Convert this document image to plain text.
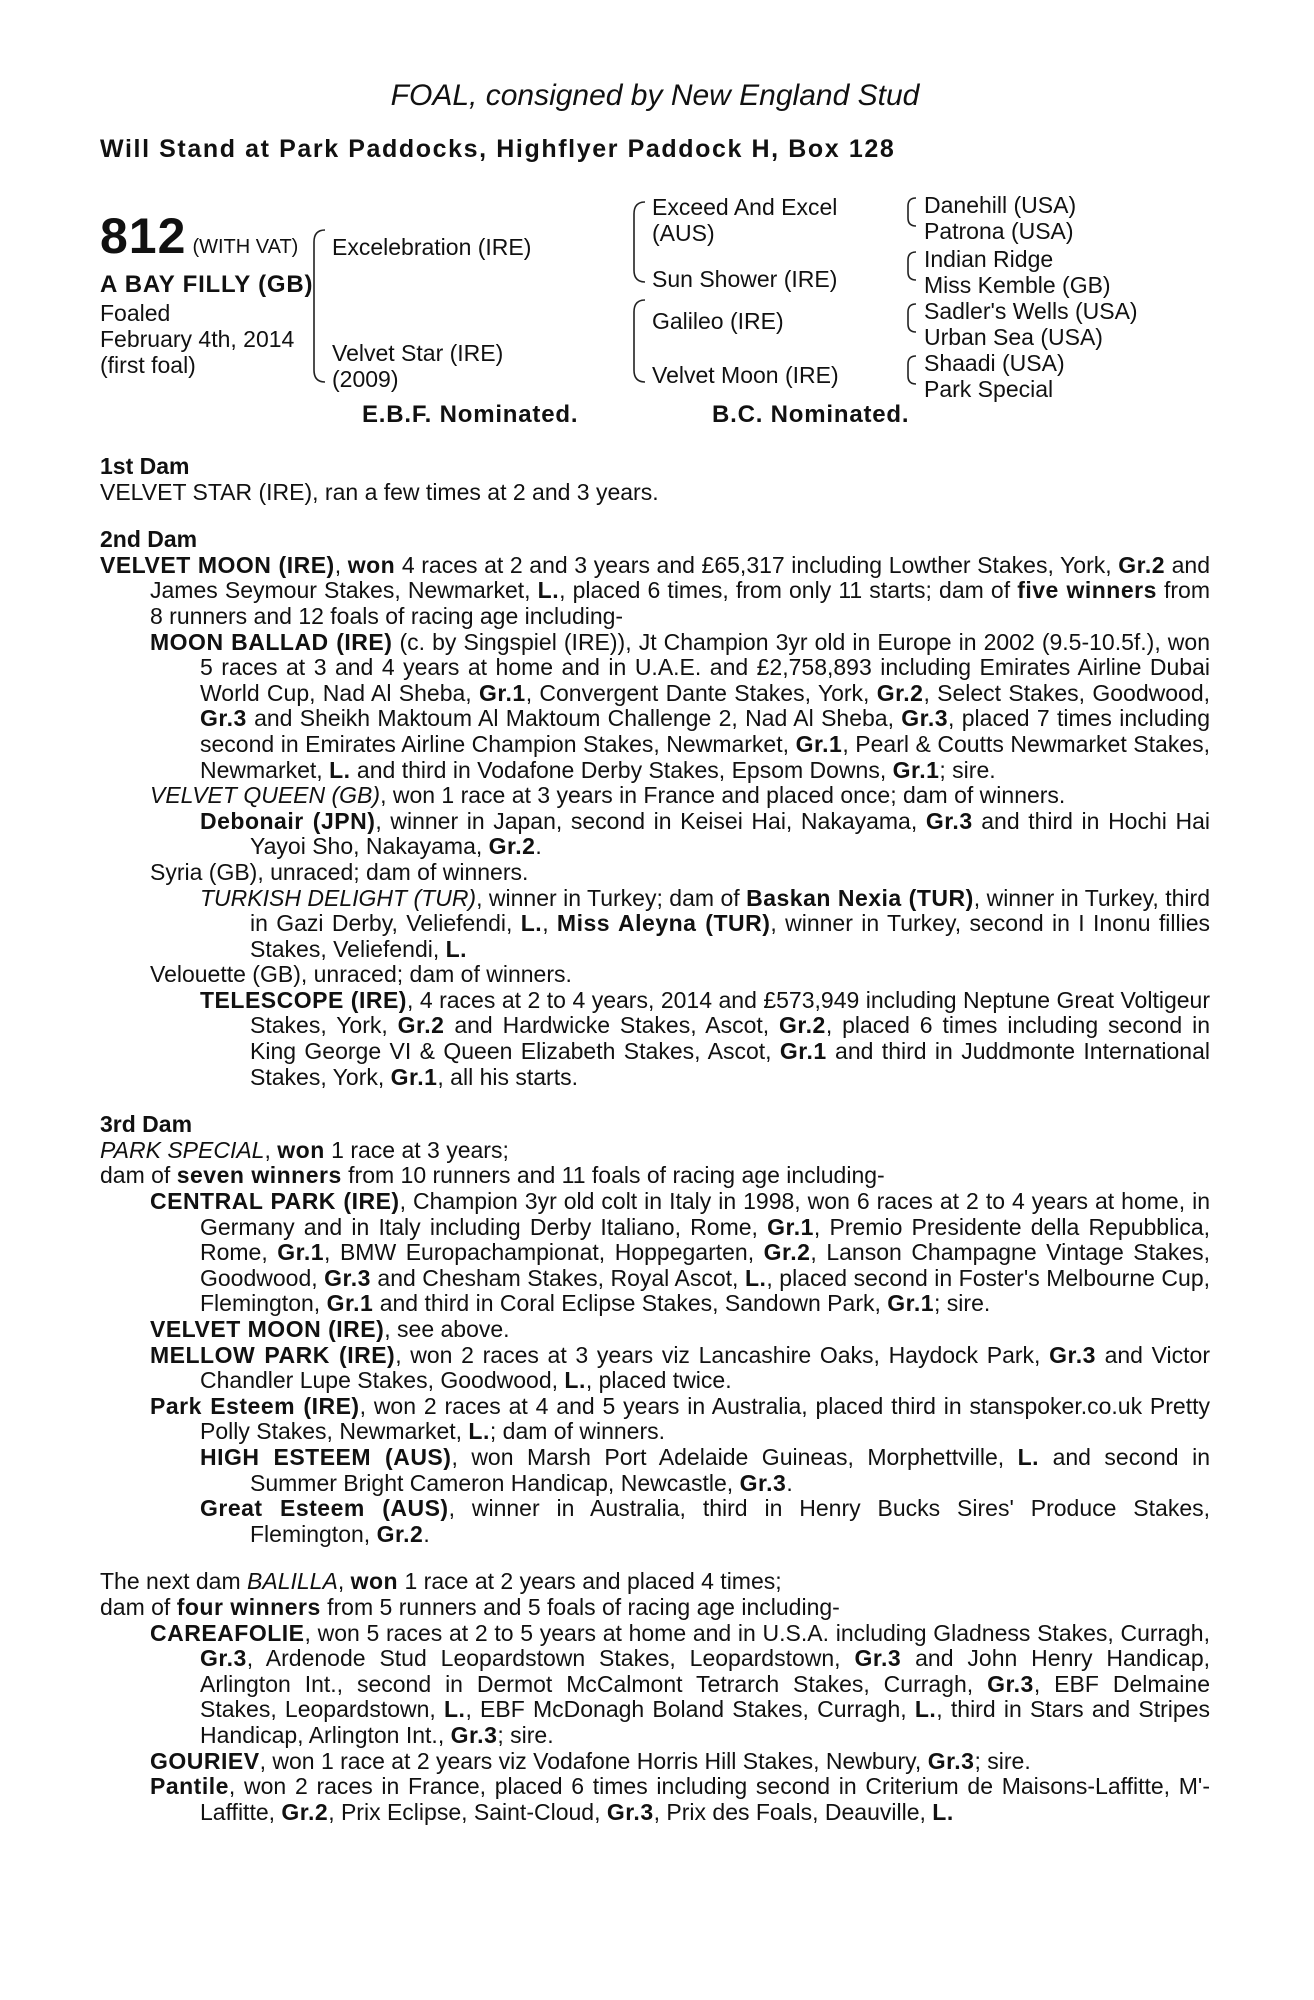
FOAL, consigned by New England Stud
Will Stand at Park Paddocks, Highflyer Paddock H, Box 128
812 (WITH VAT)
A BAY FILLY (GB)
Foaled
February 4th, 2014
(first foal)
Excelebration (IRE)
Velvet Star (IRE)
(2009)
Exceed And Excel
(AUS)
Sun Shower (IRE)
Galileo (IRE)
Velvet Moon (IRE)
Danehill (USA)
Patrona (USA)
Indian Ridge
Miss Kemble (GB)
Sadler's Wells (USA)
Urban Sea (USA)
Shaadi (USA)
Park Special
E.B.F. Nominated.	B.C. Nominated.
1st Dam

VELVET STAR (IRE), ran a few times at 2 and 3 years.

2nd Dam

VELVET MOON (IRE), won 4 races at 2 and 3 years and £65,317 including Lowther Stakes, York, Gr.2 and James Seymour Stakes, Newmarket, L., placed 6 times, from only 11 starts; dam of five winners from 8 runners and 12 foals of racing age including-

MOON BALLAD (IRE) (c. by Singspiel (IRE)), Jt Champion 3yr old in Europe in 2002 (9.5-10.5f.), won 5 races at 3 and 4 years at home and in U.A.E. and £2,758,893 including Emirates Airline Dubai World Cup, Nad Al Sheba, Gr.1, Convergent Dante Stakes, York, Gr.2, Select Stakes, Goodwood, Gr.3 and Sheikh Maktoum Al Maktoum Challenge 2, Nad Al Sheba, Gr.3, placed 7 times including second in Emirates Airline Champion Stakes, Newmarket, Gr.1, Pearl & Coutts Newmarket Stakes, Newmarket, L. and third in Vodafone Derby Stakes, Epsom Downs, Gr.1; sire.

VELVET QUEEN (GB), won 1 race at 3 years in France and placed once; dam of winners.

Debonair (JPN), winner in Japan, second in Keisei Hai, Nakayama, Gr.3 and third in Hochi Hai Yayoi Sho, Nakayama, Gr.2.

Syria (GB), unraced; dam of winners.

TURKISH DELIGHT (TUR), winner in Turkey; dam of Baskan Nexia (TUR), winner in Turkey, third in Gazi Derby, Veliefendi, L., Miss Aleyna (TUR), winner in Turkey, second in I Inonu fillies Stakes, Veliefendi, L.

Velouette (GB), unraced; dam of winners.

TELESCOPE (IRE), 4 races at 2 to 4 years, 2014 and £573,949 including Neptune Great Voltigeur Stakes, York, Gr.2 and Hardwicke Stakes, Ascot, Gr.2, placed 6 times including second in King George VI & Queen Elizabeth Stakes, Ascot, Gr.1 and third in Juddmonte International Stakes, York, Gr.1, all his starts.

3rd Dam

PARK SPECIAL, won 1 race at 3 years;

dam of seven winners from 10 runners and 11 foals of racing age including-

CENTRAL PARK (IRE), Champion 3yr old colt in Italy in 1998, won 6 races at 2 to 4 years at home, in Germany and in Italy including Derby Italiano, Rome, Gr.1, Premio Presidente della Repubblica, Rome, Gr.1, BMW Europachampionat, Hoppegarten, Gr.2, Lanson Champagne Vintage Stakes, Goodwood, Gr.3 and Chesham Stakes, Royal Ascot, L., placed second in Foster's Melbourne Cup, Flemington, Gr.1 and third in Coral Eclipse Stakes, Sandown Park, Gr.1; sire.

VELVET MOON (IRE), see above.

MELLOW PARK (IRE), won 2 races at 3 years viz Lancashire Oaks, Haydock Park, Gr.3 and Victor Chandler Lupe Stakes, Goodwood, L., placed twice.

Park Esteem (IRE), won 2 races at 4 and 5 years in Australia, placed third in stanspoker.co.uk Pretty Polly Stakes, Newmarket, L.; dam of winners.

HIGH ESTEEM (AUS), won Marsh Port Adelaide Guineas, Morphettville, L. and second in Summer Bright Cameron Handicap, Newcastle, Gr.3.

Great Esteem (AUS), winner in Australia, third in Henry Bucks Sires' Produce Stakes, Flemington, Gr.2.

The next dam BALILLA, won 1 race at 2 years and placed 4 times;

dam of four winners from 5 runners and 5 foals of racing age including-

CAREAFOLIE, won 5 races at 2 to 5 years at home and in U.S.A. including Gladness Stakes, Curragh, Gr.3, Ardenode Stud Leopardstown Stakes, Leopardstown, Gr.3 and John Henry Handicap, Arlington Int., second in Dermot McCalmont Tetrarch Stakes, Curragh, Gr.3, EBF Delmaine Stakes, Leopardstown, L., EBF McDonagh Boland Stakes, Curragh, L., third in Stars and Stripes Handicap, Arlington Int., Gr.3; sire.

GOURIEV, won 1 race at 2 years viz Vodafone Horris Hill Stakes, Newbury, Gr.3; sire.

Pantile, won 2 races in France, placed 6 times including second in Criterium de Maisons-Laffitte, M'-Laffitte, Gr.2, Prix Eclipse, Saint-Cloud, Gr.3, Prix des Foals, Deauville, L.
